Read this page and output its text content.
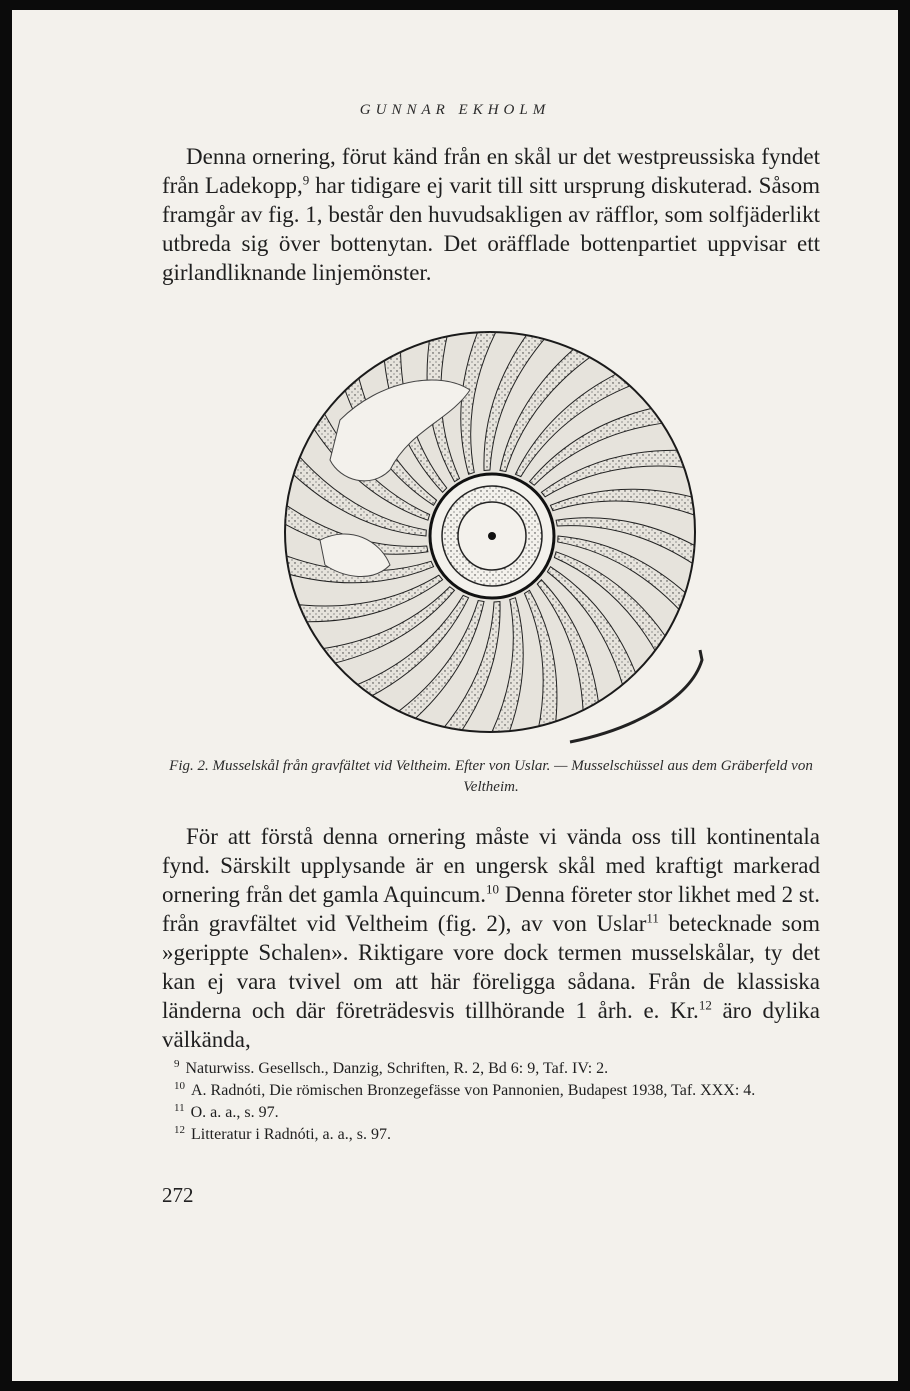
GUNNAR EKHOLM

Denna ornering, förut känd från en skål ur det westpreussiska fyndet från Ladekopp,$^9$ har tidigare ej varit till sitt ursprung diskuterad. Såsom framgår av fig. 1, består den huvudsakligen av räfflor, som solfjäderlikt utbreda sig över bottenytan. Det oräfflade bottenpartiet uppvisar ett girlandliknande linjemönster.

Fig. 2. Musselskål från gravfältet vid Veltheim. Efter von Uslar. — Musselschüssel aus dem Gräberfeld von Veltheim.

För att förstå denna ornering måste vi vända oss till kontinentala fynd. Särskilt upplysande är en ungersk skål med kraftigt markerad ornering från det gamla Aquincum.$^{10}$ Denna företer stor likhet med 2 st. från gravfältet vid Veltheim (fig. 2), av von Uslar$^{11}$ betecknade som »gerippte Schalen». Riktigare vore dock termen musselskålar, ty det kan ej vara tvivel om att här föreligga sådana. Från de klassiska länderna och där företrädesvis tillhörande 1 årh. e. Kr.$^{12}$ äro dylika välkända,

$^9$ Naturwiss. Gesellsch., Danzig, Schriften, R. 2, Bd 6: 9, Taf. IV: 2.

$^{10}$ A. Radnóti, Die römischen Bronzegefässe von Pannonien, Budapest 1938, Taf. XXX: 4.

$^{11}$ O. a. a., s. 97.

$^{12}$ Litteratur i Radnóti, a. a., s. 97.

272
